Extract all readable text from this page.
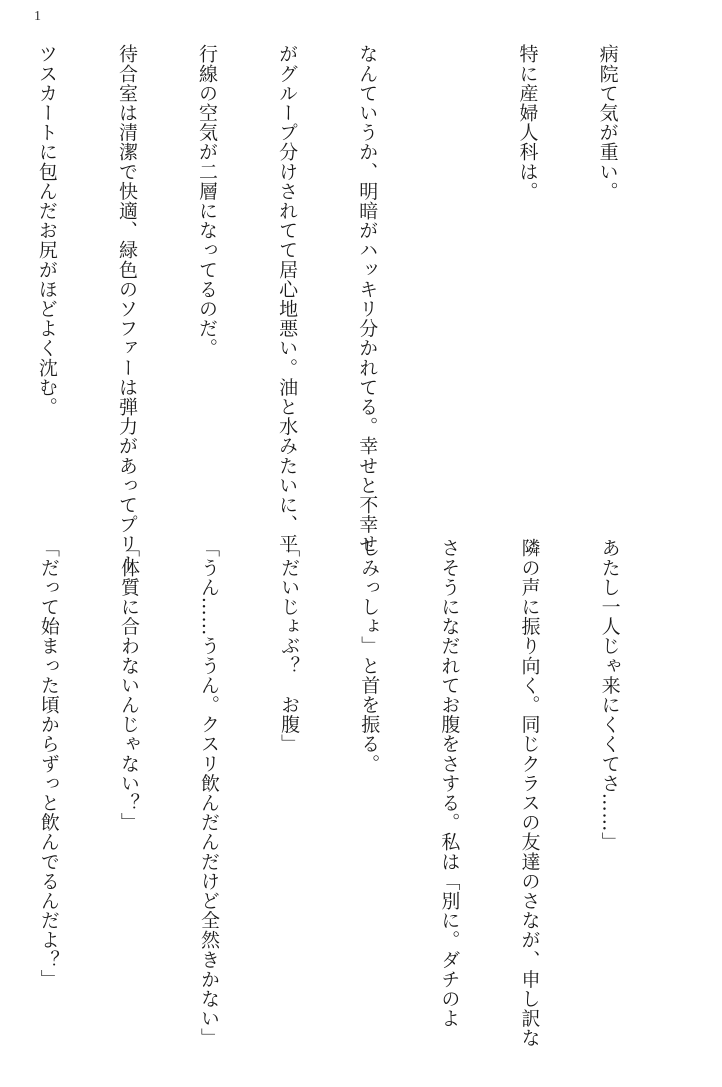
1

病院て気が重い。

特に産婦人科は。

なんていうか、明暗がハッキリ分かれてる。幸せと不幸せ

がグループ分けされてて居心地悪い。油と水みたいに、平

行線の空気が二層になってるのだ。

待合室は清潔で快適、緑色のソファーは弾力があってプリー

ツスカートに包んだお尻がほどよく沈む。

あたし一人じゃ来にくくてさ……」

隣の声に振り向く。同じクラスの友達のさなが、申し訳な

さそうになだれてお腹をさする。私は「別に。ダチのよ

しみっしょ」と首を振る。

「だいじょぶ？　お腹」

「うん……ううん。クスリ飲んだんだけど全然きかない」

「体質に合わないんじゃない？」

「だって始まった頃からずっと飲んでるんだよ？」
